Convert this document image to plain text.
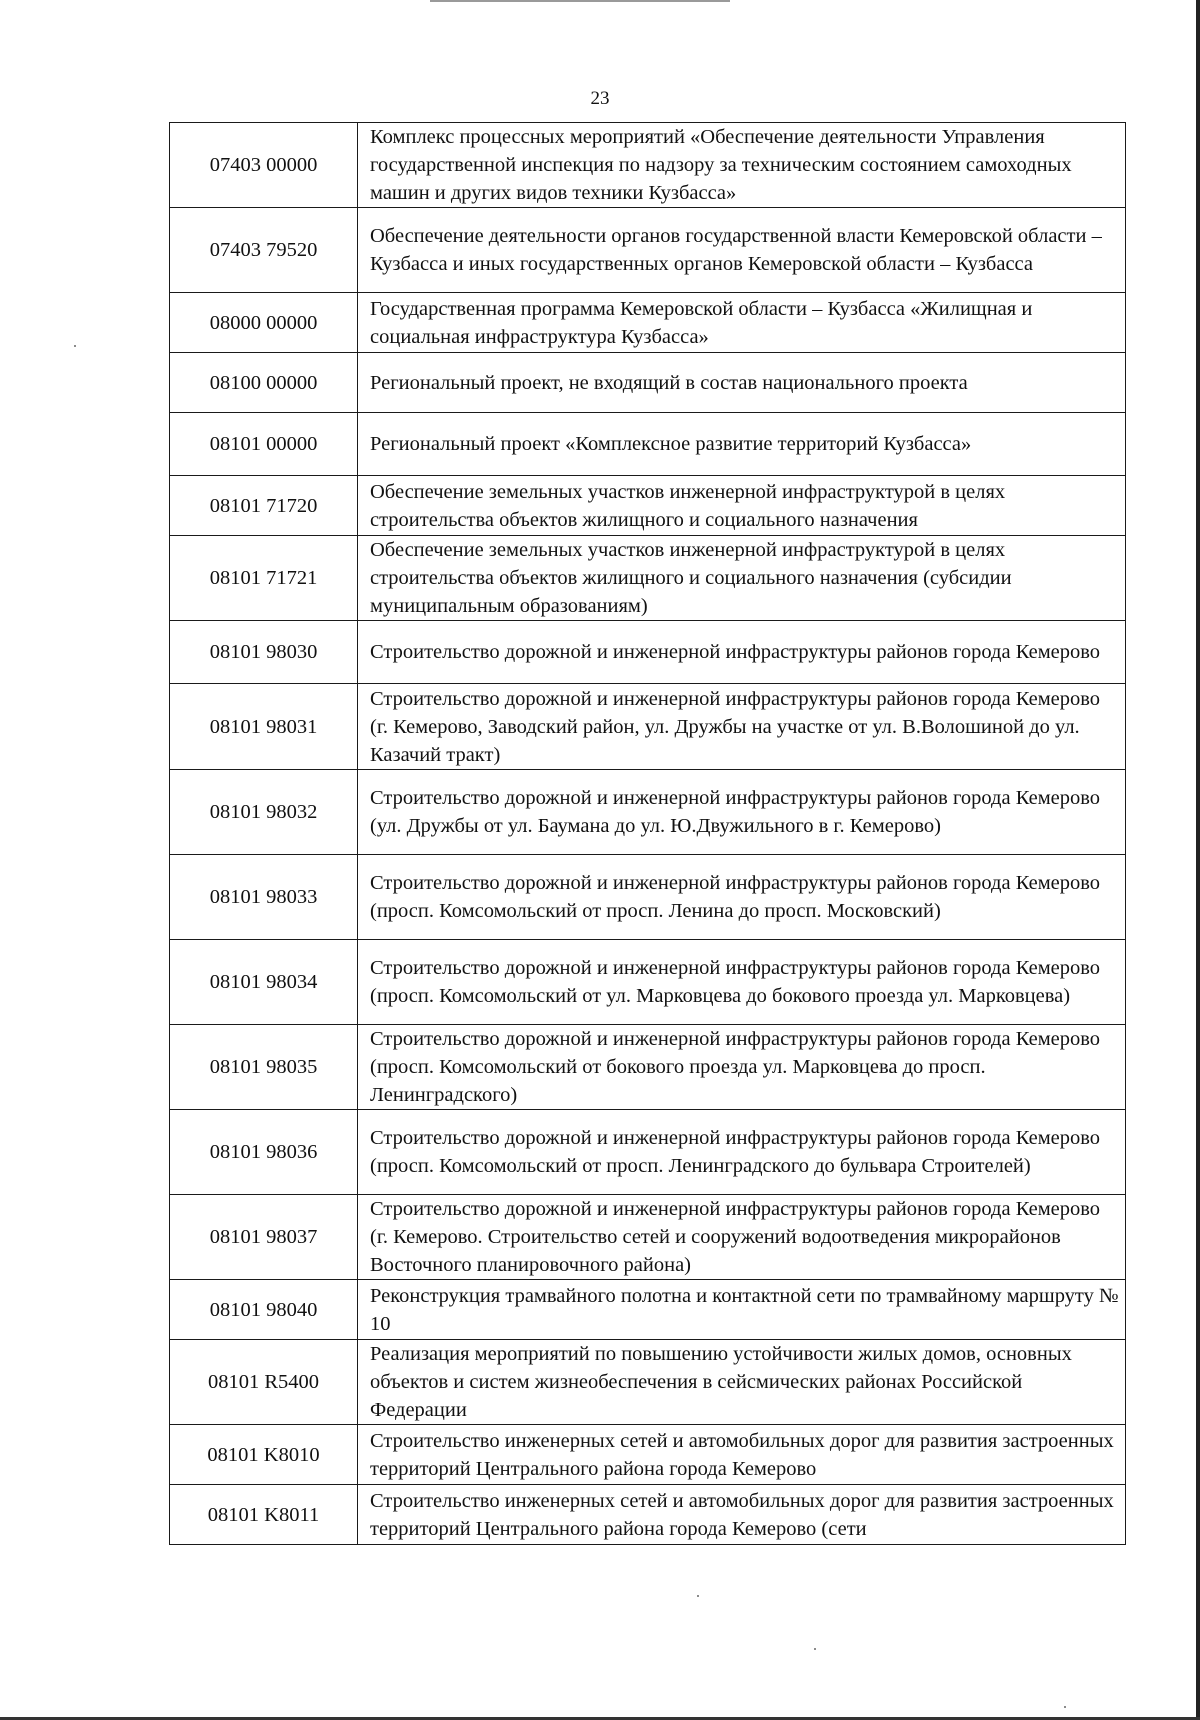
23
07403 00000	Комплекс процессных мероприятий «Обеспечение деятельности Управления государственной инспекция по надзору за техническим состоянием самоходных машин и других видов техники Кузбасса»
07403 79520	Обеспечение деятельности органов государственной власти Кемеровской области – Кузбасса и иных государственных органов Кемеровской области – Кузбасса
08000 00000	Государственная программа Кемеровской области – Кузбасса «Жилищная и социальная инфраструктура Кузбасса»
08100 00000	Региональный проект, не входящий в состав национального проекта
08101 00000	Региональный проект «Комплексное развитие территорий Кузбасса»
08101 71720	Обеспечение земельных участков инженерной инфраструктурой в целях строительства объектов жилищного и социального назначения
08101 71721	Обеспечение земельных участков инженерной инфраструктурой в целях строительства объектов жилищного и социального назначения (субсидии муниципальным образованиям)
08101 98030	Строительство дорожной и инженерной инфраструктуры районов города Кемерово
08101 98031	Строительство дорожной и инженерной инфраструктуры районов города Кемерово (г. Кемерово, Заводский район, ул. Дружбы на участке от ул. В.Волошиной до ул. Казачий тракт)
08101 98032	Строительство дорожной и инженерной инфраструктуры районов города Кемерово (ул. Дружбы от ул. Баумана до ул. Ю.Двужильного в г. Кемерово)
08101 98033	Строительство дорожной и инженерной инфраструктуры районов города Кемерово (просп. Комсомольский от просп. Ленина до просп. Московский)
08101 98034	Строительство дорожной и инженерной инфраструктуры районов города Кемерово (просп. Комсомольский от ул. Марковцева до бокового проезда ул. Марковцева)
08101 98035	Строительство дорожной и инженерной инфраструктуры районов города Кемерово (просп. Комсомольский от бокового проезда ул. Марковцева до просп. Ленинградского)
08101 98036	Строительство дорожной и инженерной инфраструктуры районов города Кемерово (просп. Комсомольский от просп. Ленинградского до бульвара Строителей)
08101 98037	Строительство дорожной и инженерной инфраструктуры районов города Кемерово (г. Кемерово. Строительство сетей и сооружений водоотведения микрорайонов Восточного планировочного района)
08101 98040	Реконструкция трамвайного полотна и контактной сети по трамвайному маршруту № 10
08101 R5400	Реализация мероприятий по повышению устойчивости жилых домов, основных объектов и систем жизнеобеспечения в сейсмических районах Российской Федерации
08101 K8010	Строительство инженерных сетей и автомобильных дорог для развития застроенных территорий Центрального района города Кемерово
08101 K8011	Строительство инженерных сетей и автомобильных дорог для развития застроенных территорий Центрального района города Кемерово (сети
